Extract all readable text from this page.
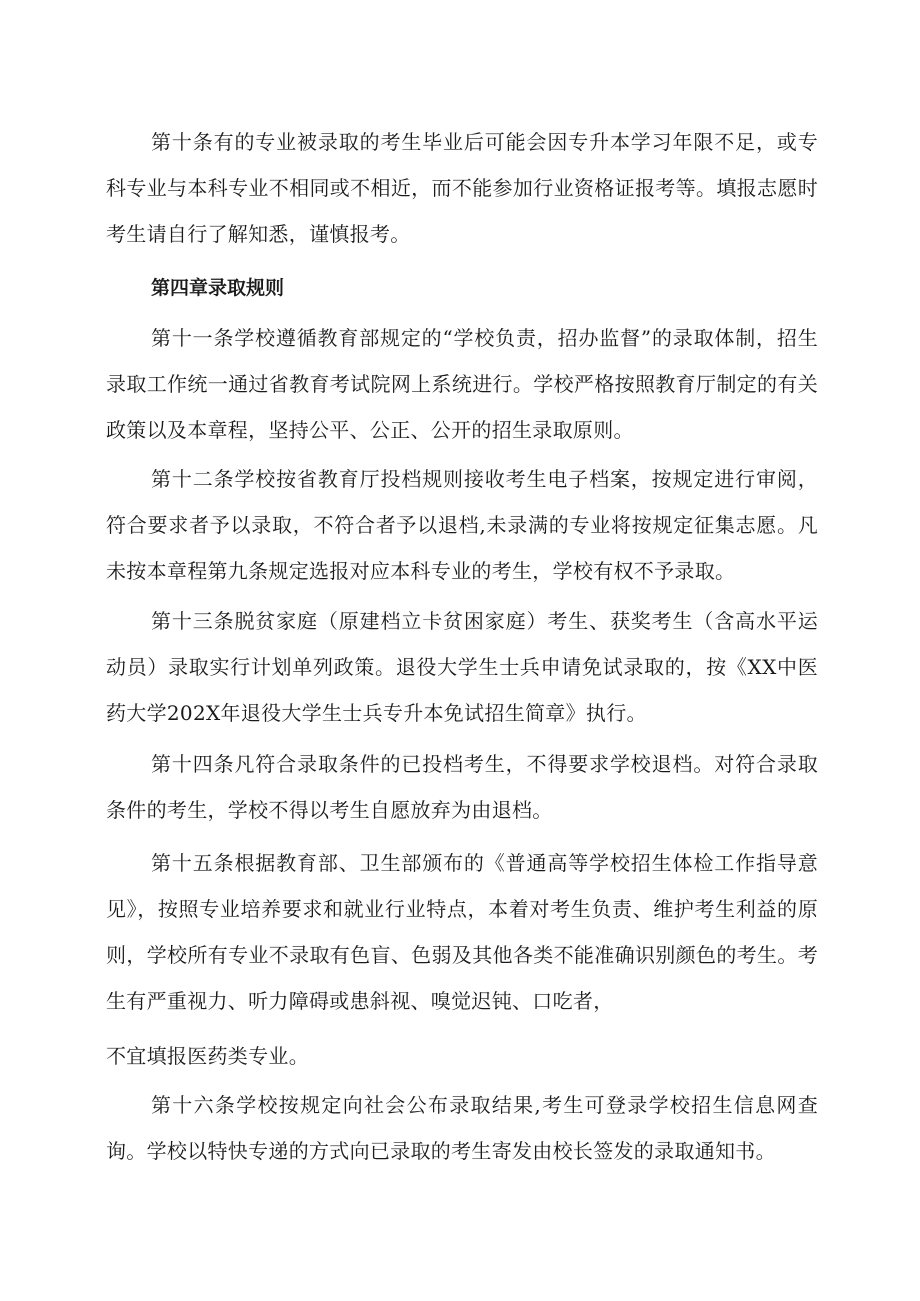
第十条有的专业被录取的考生毕业后可能会因专升本学习年限不足，或专科专业与本科专业不相同或不相近，而不能参加行业资格证报考等。填报志愿时考生请自行了解知悉，谨慎报考。

第四章录取规则

第十一条学校遵循教育部规定的“学校负责，招办监督”的录取体制，招生录取工作统一通过省教育考试院网上系统进行。学校严格按照教育厅制定的有关政策以及本章程，坚持公平、公正、公开的招生录取原则。

第十二条学校按省教育厅投档规则接收考生电子档案，按规定进行审阅，符合要求者予以录取，不符合者予以退档,未录满的专业将按规定征集志愿。凡未按本章程第九条规定选报对应本科专业的考生，学校有权不予录取。

第十三条脱贫家庭（原建档立卡贫困家庭）考生、获奖考生（含高水平运动员）录取实行计划单列政策。退役大学生士兵申请免试录取的，按《XX中医药大学202X年退役大学生士兵专升本免试招生简章》执行。

第十四条凡符合录取条件的已投档考生，不得要求学校退档。对符合录取条件的考生，学校不得以考生自愿放弃为由退档。

第十五条根据教育部、卫生部颁布的《普通高等学校招生体检工作指导意见》，按照专业培养要求和就业行业特点，本着对考生负责、维护考生利益的原则，学校所有专业不录取有色盲、色弱及其他各类不能准确识别颜色的考生。考生有严重视力、听力障碍或患斜视、嗅觉迟钝、口吃者，

不宜填报医药类专业。

第十六条学校按规定向社会公布录取结果,考生可登录学校招生信息网查询。学校以特快专递的方式向已录取的考生寄发由校长签发的录取通知书。
